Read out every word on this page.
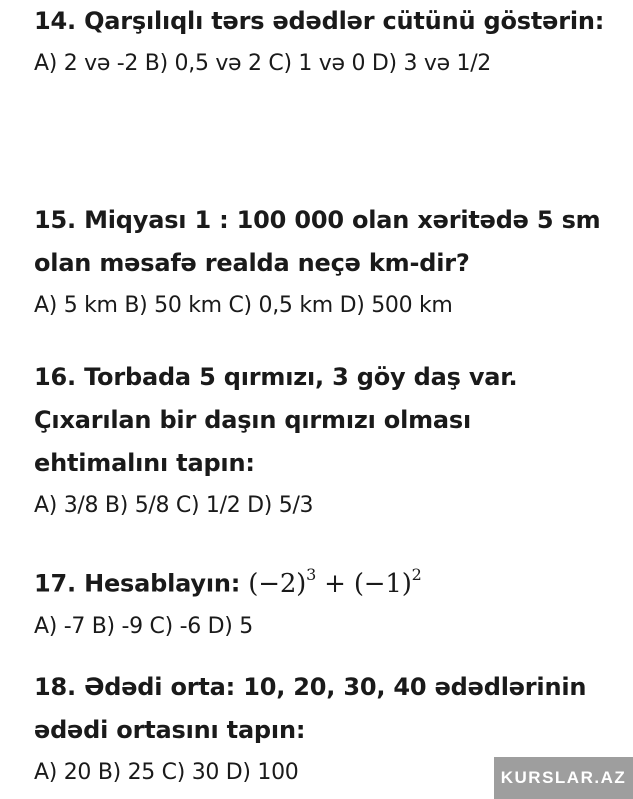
14. Qarşılıqlı tərs ədədlər cütünü göstərin:
A) 2 və -2 B) 0,5 və 2 C) 1 və 0 D) 3 və 1/2
15. Miqyası 1 : 100 000 olan xəritədə 5 sm olan məsafə realda neçə km-dir?
A) 5 km B) 50 km C) 0,5 km D) 500 km
16. Torbada 5 qırmızı, 3 göy daş var. Çıxarılan bir daşın qırmızı olması ehtimalını tapın:
A) 3/8 B) 5/8 C) 1/2 D) 5/3
17. Hesablayın: $(-2)^3 + (-1)^2$
A) -7 B) -9 C) -6 D) 5
18. Ədədi orta: 10, 20, 30, 40 ədədlərinin ədədi ortasını tapın:
A) 20 B) 25 C) 30 D) 100	KURSLAR.AZ
